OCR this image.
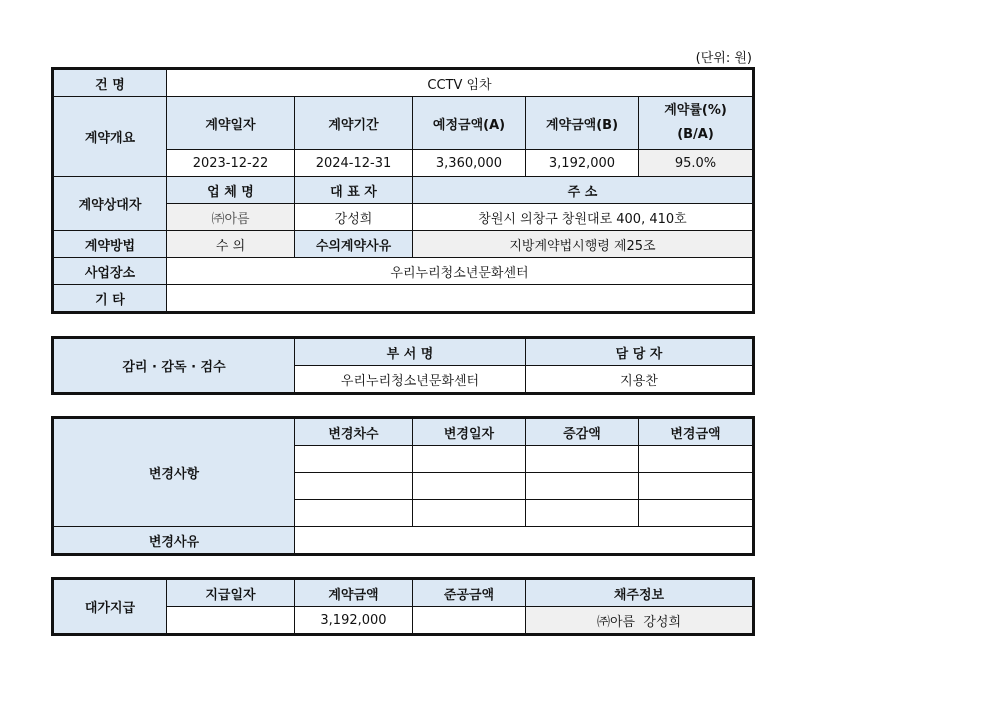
(단위: 원)
건 명	CCTV 임차				
계약개요	계약일자	계약기간	예정금액(A)	계약금액(B)	계약률(%)
(B/A)

	2023-12-22	2024-12-31	3,360,000	3,192,000	95.0%
계약상대자	업 체 명	대 표 자	주 소		
	㈜아름	강성희	창원시 의창구 창원대로 400, 410호		
계약방법	수 의	수의계약사유	지방계약법시행령 제25조		
사업장소	우리누리청소년문화센터				
기 타					
감리 · 감독 · 검수	부 서 명	담 당 자
	우리누리청소년문화센터	지용찬
변경사항	변경차수	변경일자	증감액	변경금액

변경사유				
대가지급	지급일자	계약금액	준공금액	채주정보
		3,192,000		㈜아름  강성희
